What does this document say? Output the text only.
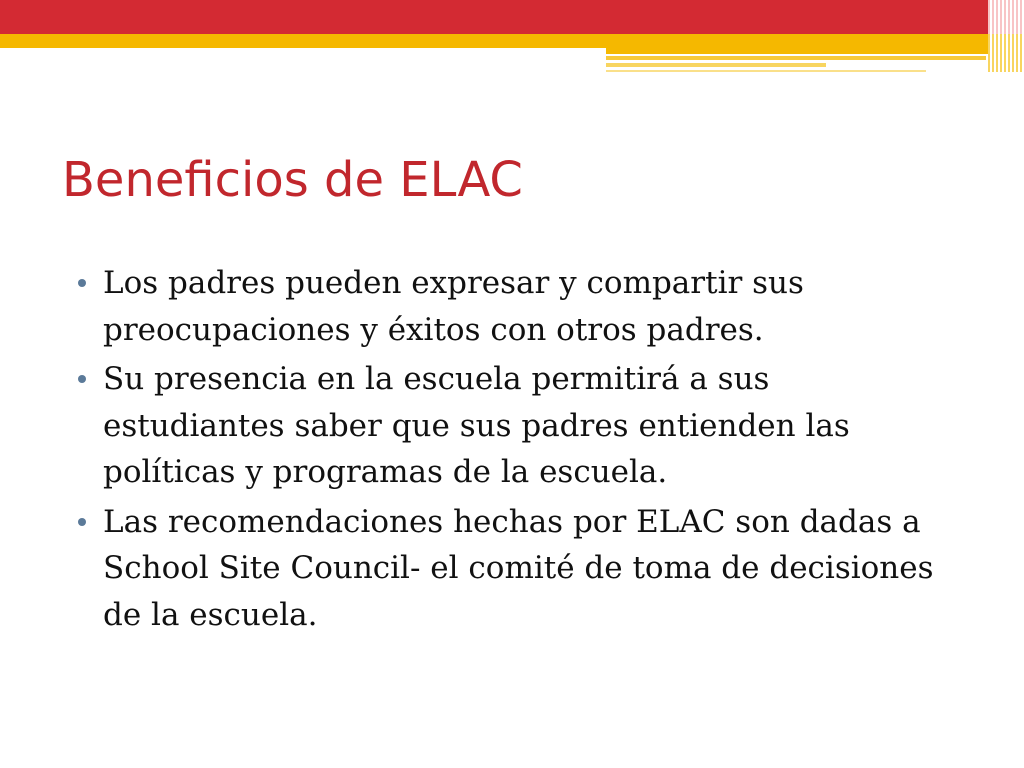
Beneficios de ELAC
Los padres pueden expresar y compartir sus preocupaciones y éxitos con otros padres.
Su presencia en la escuela permitirá a sus estudiantes saber que sus padres entienden las políticas y programas de la escuela.
Las recomendaciones hechas por ELAC son dadas a School Site Council- el comité de toma de decisiones de la escuela.
